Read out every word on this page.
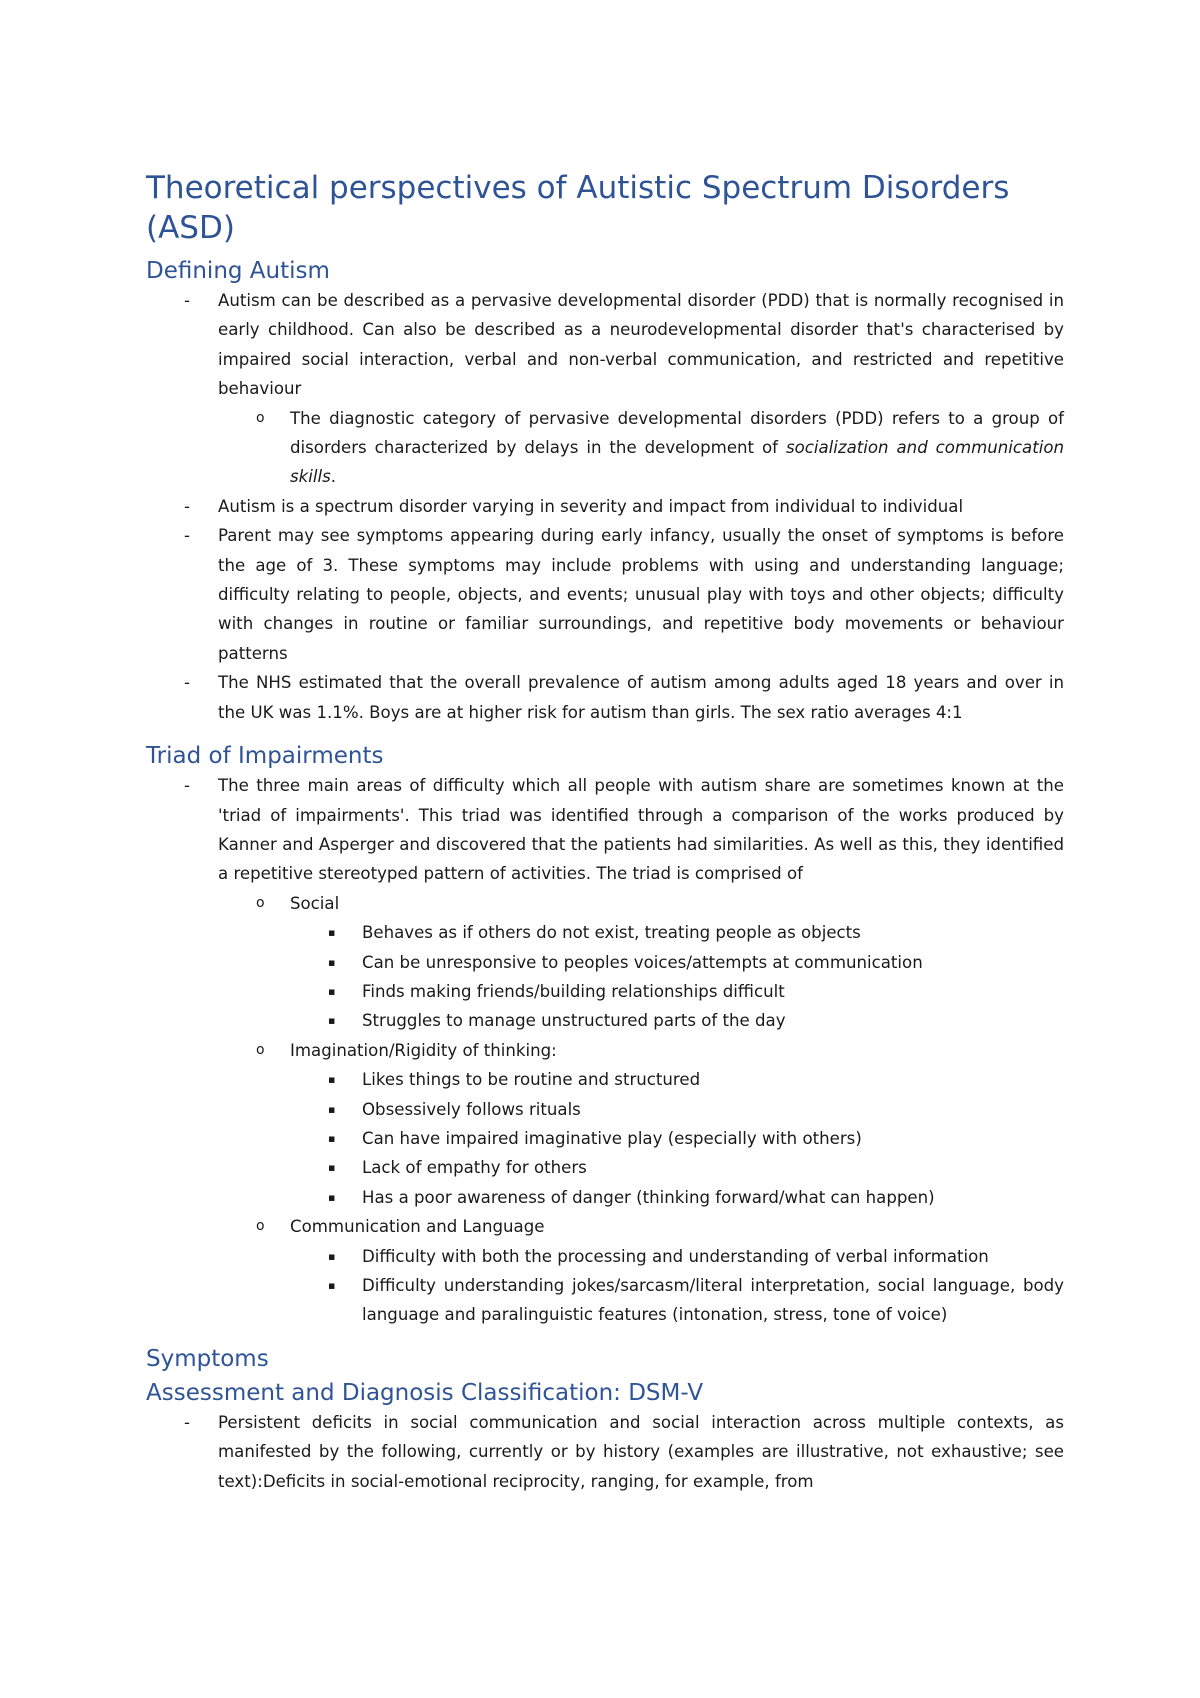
Theoretical perspectives of Autistic Spectrum Disorders (ASD)
Defining Autism
- Autism can be described as a pervasive developmental disorder (PDD) that is normally recognised in early childhood. Can also be described as a neurodevelopmental disorder that's characterised by impaired social interaction, verbal and non-verbal communication, and restricted and repetitive behaviour
o The diagnostic category of pervasive developmental disorders (PDD) refers to a group of disorders characterized by delays in the development of socialization and communication skills.
- Autism is a spectrum disorder varying in severity and impact from individual to individual
- Parent may see symptoms appearing during early infancy, usually the onset of symptoms is before the age of 3. These symptoms may include problems with using and understanding language; difficulty relating to people, objects, and events; unusual play with toys and other objects; difficulty with changes in routine or familiar surroundings, and repetitive body movements or behaviour patterns
- The NHS estimated that the overall prevalence of autism among adults aged 18 years and over in the UK was 1.1%. Boys are at higher risk for autism than girls. The sex ratio averages 4:1
Triad of Impairments
- The three main areas of difficulty which all people with autism share are sometimes known at the 'triad of impairments'. This triad was identified through a comparison of the works produced by Kanner and Asperger and discovered that the patients had similarities. As well as this, they identified a repetitive stereotyped pattern of activities. The triad is comprised of
o Social
▪ Behaves as if others do not exist, treating people as objects
▪ Can be unresponsive to peoples voices/attempts at communication
▪ Finds making friends/building relationships difficult
▪ Struggles to manage unstructured parts of the day
o Imagination/Rigidity of thinking:
▪ Likes things to be routine and structured
▪ Obsessively follows rituals
▪ Can have impaired imaginative play (especially with others)
▪ Lack of empathy for others
▪ Has a poor awareness of danger (thinking forward/what can happen)
o Communication and Language
▪ Difficulty with both the processing and understanding of verbal information
▪ Difficulty understanding jokes/sarcasm/literal interpretation, social language, body language and paralinguistic features (intonation, stress, tone of voice)
Symptoms
Assessment and Diagnosis Classification: DSM-V
- Persistent deficits in social communication and social interaction across multiple contexts, as manifested by the following, currently or by history (examples are illustrative, not exhaustive; see text):Deficits in social-emotional reciprocity, ranging, for example, from
